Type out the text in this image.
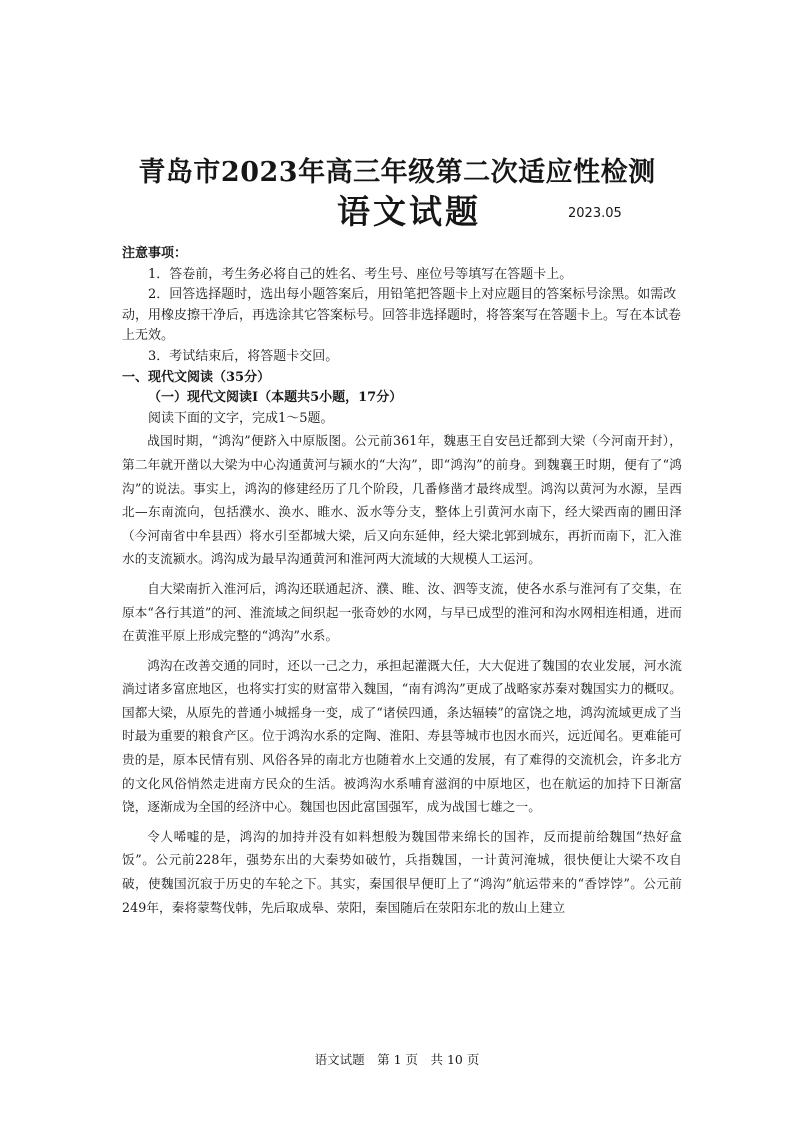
青岛市2023年高三年级第二次适应性检测
语文试题	2023.05

注意事项：

1．答卷前，考生务必将自己的姓名、考生号、座位号等填写在答题卡上。

2．回答选择题时，选出每小题答案后，用铅笔把答题卡上对应题目的答案标号涂黑。如需改动，用橡皮擦干净后，再选涂其它答案标号。回答非选择题时，将答案写在答题卡上。写在本试卷上无效。

3．考试结束后，将答题卡交回。

一、现代文阅读（35分）

（一）现代文阅读Ⅰ（本题共5小题，17分）

阅读下面的文字，完成1～5题。

战国时期，“鸿沟”便跻入中原版图。公元前361年，魏惠王自安邑迁都到大梁（今河南开封），第二年就开凿以大梁为中心沟通黄河与颍水的“大沟”，即“鸿沟”的前身。到魏襄王时期，便有了“鸿沟”的说法。事实上，鸿沟的修建经历了几个阶段，几番修凿才最终成型。鸿沟以黄河为水源，呈西北—东南流向，包括濮水、涣水、睢水、汳水等分支，整体上引黄河水南下，经大梁西南的圃田泽（今河南省中牟县西）将水引至都城大梁，后又向东延伸，经大梁北郭到城东，再折而南下，汇入淮水的支流颍水。鸿沟成为最早沟通黄河和淮河两大流域的大规模人工运河。

自大梁南折入淮河后，鸿沟还联通起济、濮、睢、汝、泗等支流，使各水系与淮河有了交集，在原本“各行其道”的河、淮流域之间织起一张奇妙的水网，与早已成型的淮河和沟水网相连相通，进而在黄淮平原上形成完整的“鸿沟”水系。

鸿沟在改善交通的同时，还以一己之力，承担起灌溉大任，大大促进了魏国的农业发展，河水流淌过诸多富庶地区，也将实打实的财富带入魏国，“南有鸿沟”更成了战略家苏秦对魏国实力的概叹。国都大梁，从原先的普通小城摇身一变，成了“诸侯四通，条达辐辏”的富饶之地，鸿沟流域更成了当时最为重要的粮食产区。位于鸿沟水系的定陶、淮阳、寿县等城市也因水而兴，远近闻名。更难能可贵的是，原本民情有别、风俗各异的南北方也随着水上交通的发展，有了难得的交流机会，许多北方的文化风俗悄然走进南方民众的生活。被鸿沟水系哺育滋润的中原地区，也在航运的加持下日渐富饶，逐渐成为全国的经济中心。魏国也因此富国强军，成为战国七雄之一。

令人唏嘘的是，鸿沟的加持并没有如料想般为魏国带来绵长的国祚，反而提前给魏国“热好盒饭”。公元前228年，强势东出的大秦势如破竹，兵指魏国，一计黄河淹城，很快便让大梁不攻自破，使魏国沉寂于历史的车轮之下。其实，秦国很早便盯上了“鸿沟”航运带来的“香饽饽”。公元前249年，秦将蒙骜伐韩，先后取成皋、荥阳，秦国随后在荥阳东北的敖山上建立

语文试题　第 1 页　共 10 页
